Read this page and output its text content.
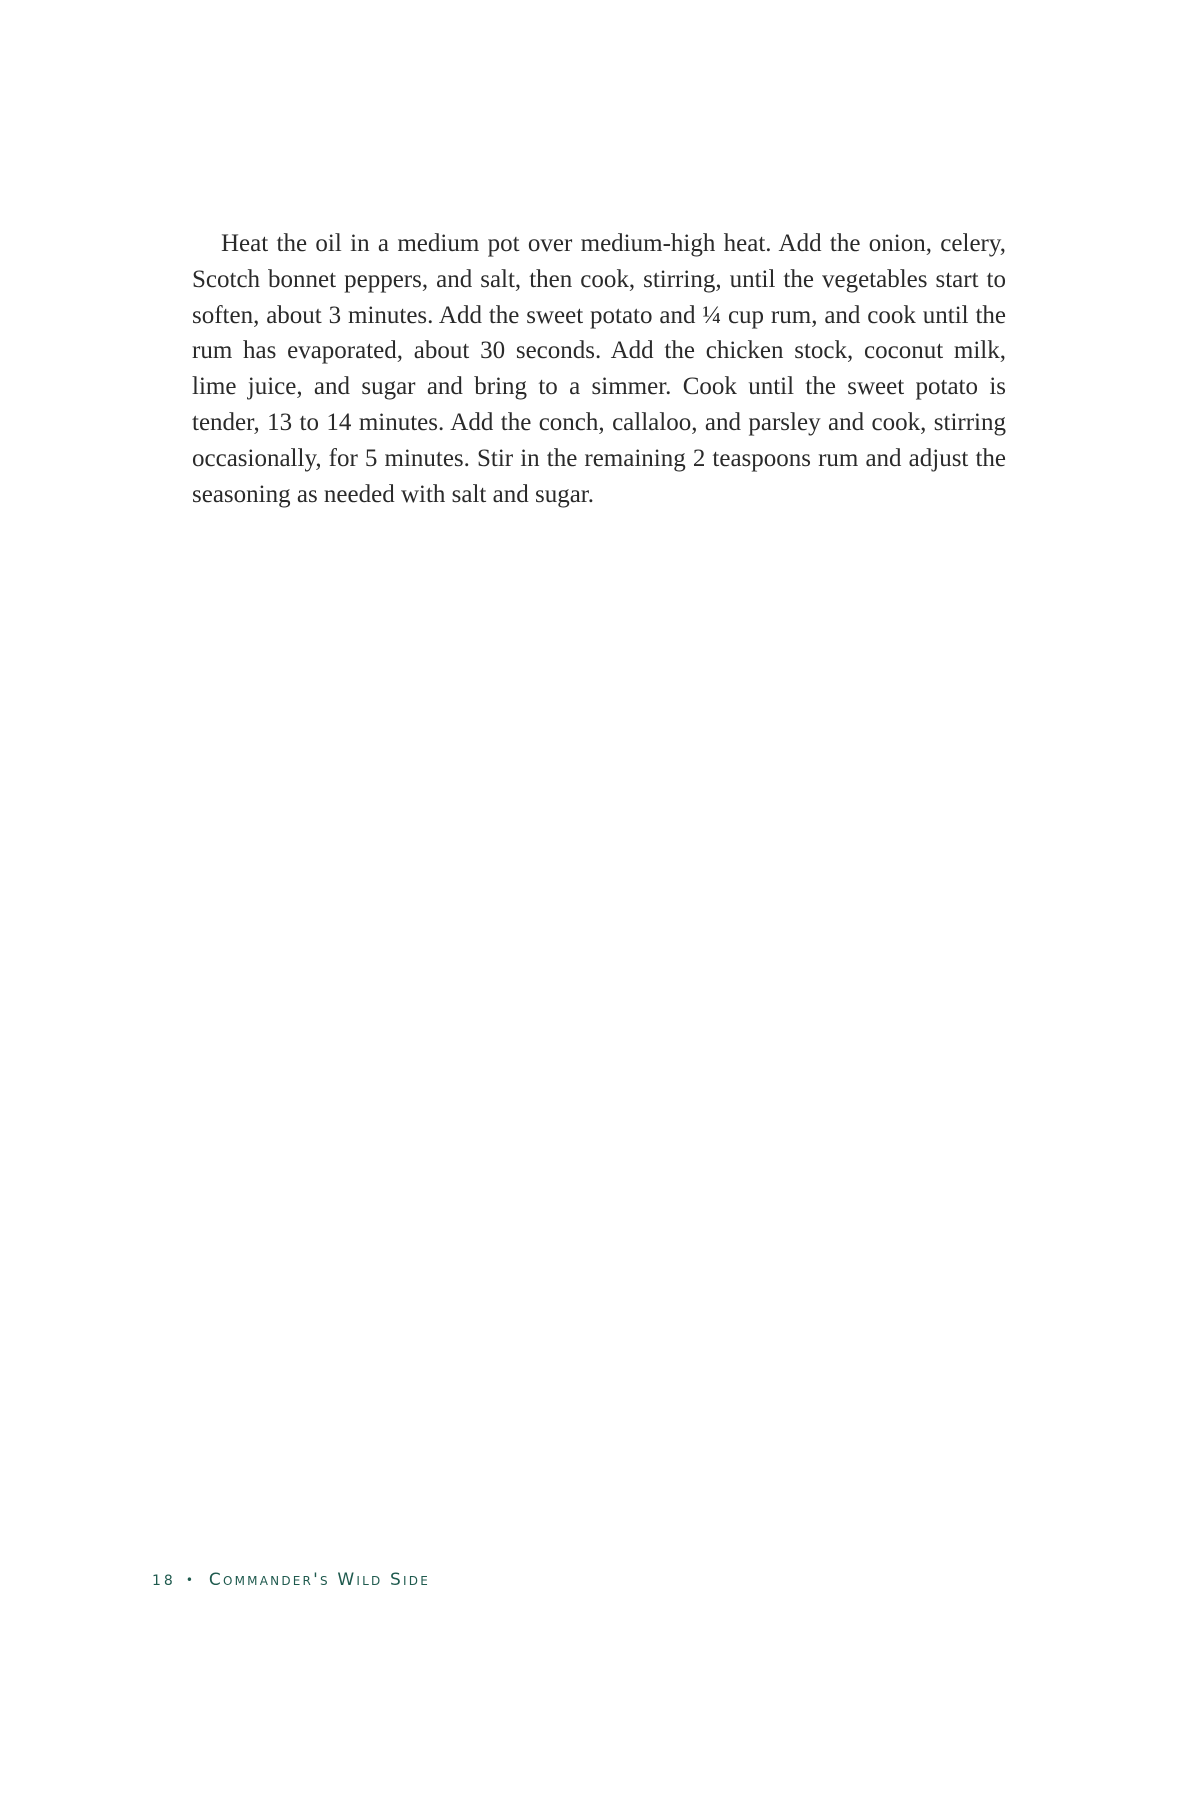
Heat the oil in a medium pot over medium-high heat. Add the onion, celery, Scotch bonnet peppers, and salt, then cook, stirring, until the vegetables start to soften, about 3 minutes. Add the sweet potato and ¼ cup rum, and cook until the rum has evaporated, about 30 seconds. Add the chicken stock, coconut milk, lime juice, and sugar and bring to a simmer. Cook until the sweet potato is tender, 13 to 14 minutes. Add the conch, callaloo, and parsley and cook, stirring occasionally, for 5 minutes. Stir in the remaining 2 teaspoons rum and adjust the seasoning as needed with salt and sugar.

18 • Commander's Wild Side
